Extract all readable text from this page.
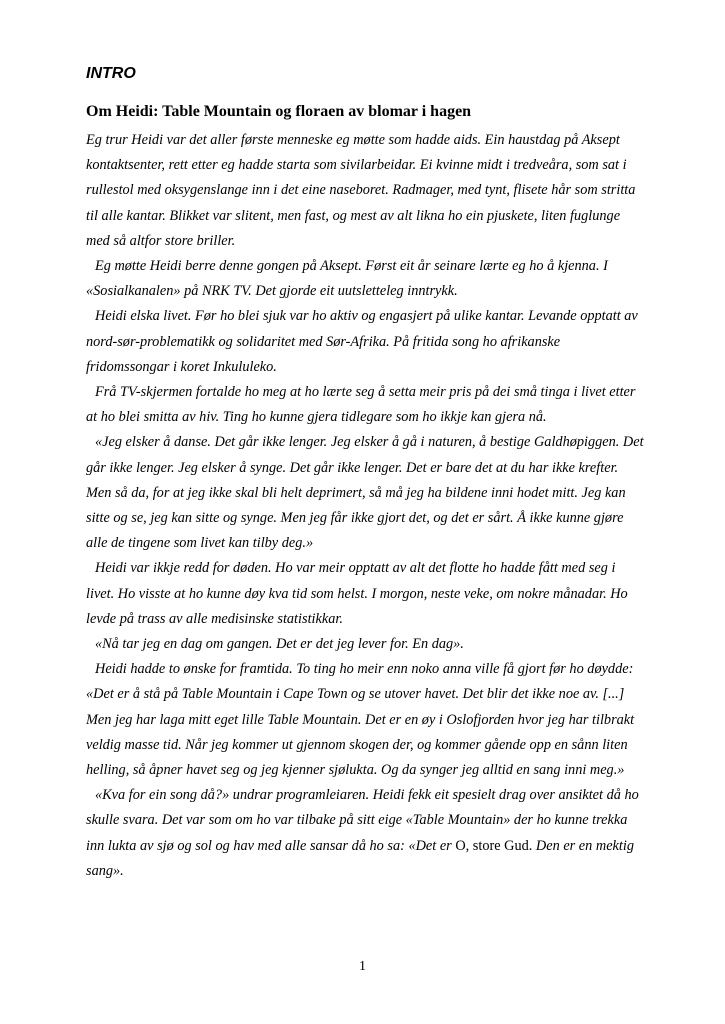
INTRO
Om Heidi: Table Mountain og floraen av blomar i hagen

Eg trur Heidi var det aller første menneske eg møtte som hadde aids. Ein haustdag på Aksept kontaktsenter, rett etter eg hadde starta som sivilarbeidar. Ei kvinne midt i tredveåra, som sat i rullestol med oksygenslange inn i det eine naseboret. Radmager, med tynt, flisete hår som stritta til alle kantar. Blikket var slitent, men fast, og mest av alt likna ho ein pjuskete, liten fuglunge med så altfor store briller.

Eg møtte Heidi berre denne gongen på Aksept. Først eit år seinare lærte eg ho å kjenna. I «Sosialkanalen» på NRK TV. Det gjorde eit uutsletteleg inntrykk.

Heidi elska livet. Før ho blei sjuk var ho aktiv og engasjert på ulike kantar. Levande opptatt av nord-sør-problematikk og solidaritet med Sør-Afrika. På fritida song ho afrikanske fridomssongar i koret Inkululeko.

Frå TV-skjermen fortalde ho meg at ho lærte seg å setta meir pris på dei små tinga i livet etter at ho blei smitta av hiv. Ting ho kunne gjera tidlegare som ho ikkje kan gjera nå.

«Jeg elsker å danse. Det går ikke lenger. Jeg elsker å gå i naturen, å bestige Galdhøpiggen. Det går ikke lenger. Jeg elsker å synge. Det går ikke lenger. Det er bare det at du har ikke krefter. Men så da, for at jeg ikke skal bli helt deprimert, så må jeg ha bildene inni hodet mitt. Jeg kan sitte og se, jeg kan sitte og synge. Men jeg får ikke gjort det, og det er sårt. Å ikke kunne gjøre alle de tingene som livet kan tilby deg.»

Heidi var ikkje redd for døden. Ho var meir opptatt av alt det flotte ho hadde fått med seg i livet. Ho visste at ho kunne døy kva tid som helst. I morgon, neste veke, om nokre månadar. Ho levde på trass av alle medisinske statistikkar.

«Nå tar jeg en dag om gangen. Det er det jeg lever for. En dag».

Heidi hadde to ønske for framtida. To ting ho meir enn noko anna ville få gjort før ho døydde: «Det er å stå på Table Mountain i Cape Town og se utover havet. Det blir det ikke noe av. [...] Men jeg har laga mitt eget lille Table Mountain. Det er en øy i Oslofjorden hvor jeg har tilbrakt veldig masse tid. Når jeg kommer ut gjennom skogen der, og kommer gående opp en sånn liten helling, så åpner havet seg og jeg kjenner sjølukta. Og da synger jeg alltid en sang inni meg.»

«Kva for ein song då?» undrar programleiaren. Heidi fekk eit spesielt drag over ansiktet då ho skulle svara. Det var som om ho var tilbake på sitt eige «Table Mountain» der ho kunne trekka inn lukta av sjø og sol og hav med alle sansar då ho sa: «Det er O, store Gud. Den er en mektig sang».

1
